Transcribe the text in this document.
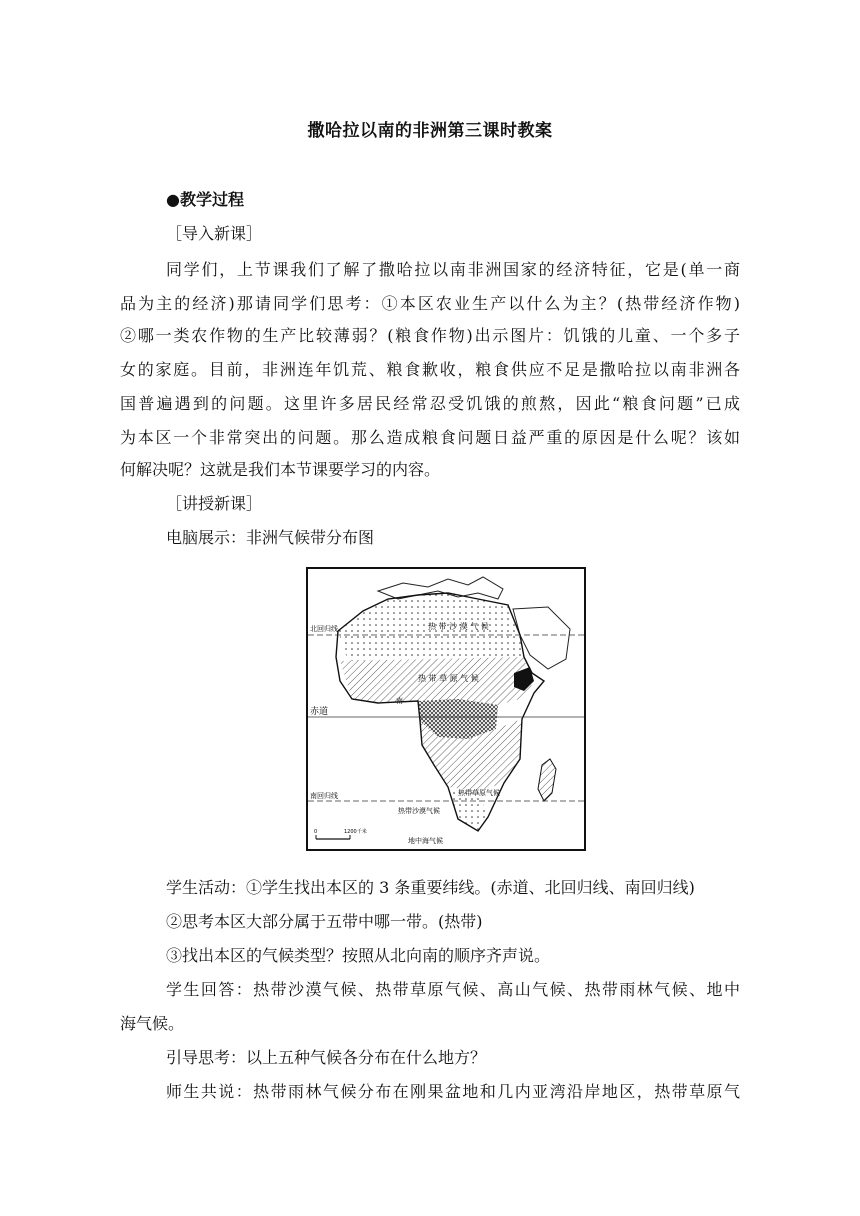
撒哈拉以南的非洲第三课时教案
●教学过程
［导入新课］
同学们，上节课我们了解了撒哈拉以南非洲国家的经济特征，它是(单一商
品为主的经济)那请同学们思考：①本区农业生产以什么为主？(热带经济作物)
②哪一类农作物的生产比较薄弱？(粮食作物)出示图片：饥饿的儿童、一个多子
女的家庭。目前，非洲连年饥荒、粮食歉收，粮食供应不足是撒哈拉以南非洲各
国普遍遇到的问题。这里许多居民经常忍受饥饿的煎熬，因此“粮食问题”已成
为本区一个非常突出的问题。那么造成粮食问题日益严重的原因是什么呢？该如
何解决呢？这就是我们本节课要学习的内容。
［讲授新课］
电脑展示：非洲气候带分布图
北回归线
赤道
南回归线
热 带 沙 漠 气 候
热 带 草 原 气 候
南
热带草原气候
热带沙漠气候
地中海气候
0	1200千米
学生活动：①学生找出本区的 3 条重要纬线。(赤道、北回归线、南回归线)
②思考本区大部分属于五带中哪一带。(热带)
③找出本区的气候类型？按照从北向南的顺序齐声说。
学生回答：热带沙漠气候、热带草原气候、高山气候、热带雨林气候、地中
海气候。
引导思考：以上五种气候各分布在什么地方？
师生共说：热带雨林气候分布在刚果盆地和几内亚湾沿岸地区，热带草原气
